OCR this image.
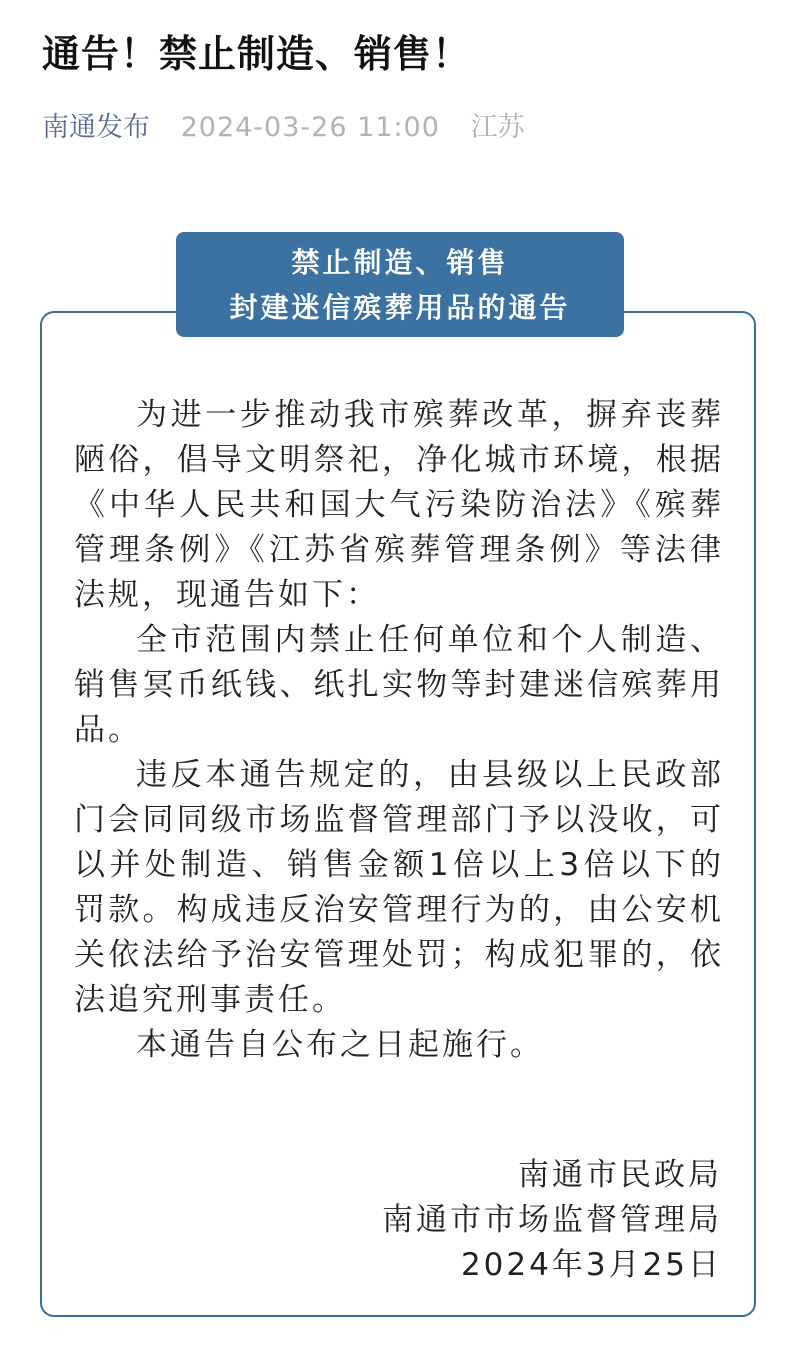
通告！禁止制造、销售！
南通发布 2024-03-26 11:00 江苏
禁止制造、销售
封建迷信殡葬用品的通告

为进一步推动我市殡葬改革，摒弃丧葬陋俗，倡导文明祭祀，净化城市环境，根据《中华人民共和国大气污染防治法》《殡葬管理条例》《江苏省殡葬管理条例》等法律法规，现通告如下：

全市范围内禁止任何单位和个人制造、销售冥币纸钱、纸扎实物等封建迷信殡葬用品。

违反本通告规定的，由县级以上民政部门会同同级市场监督管理部门予以没收，可以并处制造、销售金额1倍以上3倍以下的罚款。构成违反治安管理行为的，由公安机关依法给予治安管理处罚；构成犯罪的，依法追究刑事责任。

本通告自公布之日起施行。

南通市民政局
南通市市场监督管理局
2024年3月25日
